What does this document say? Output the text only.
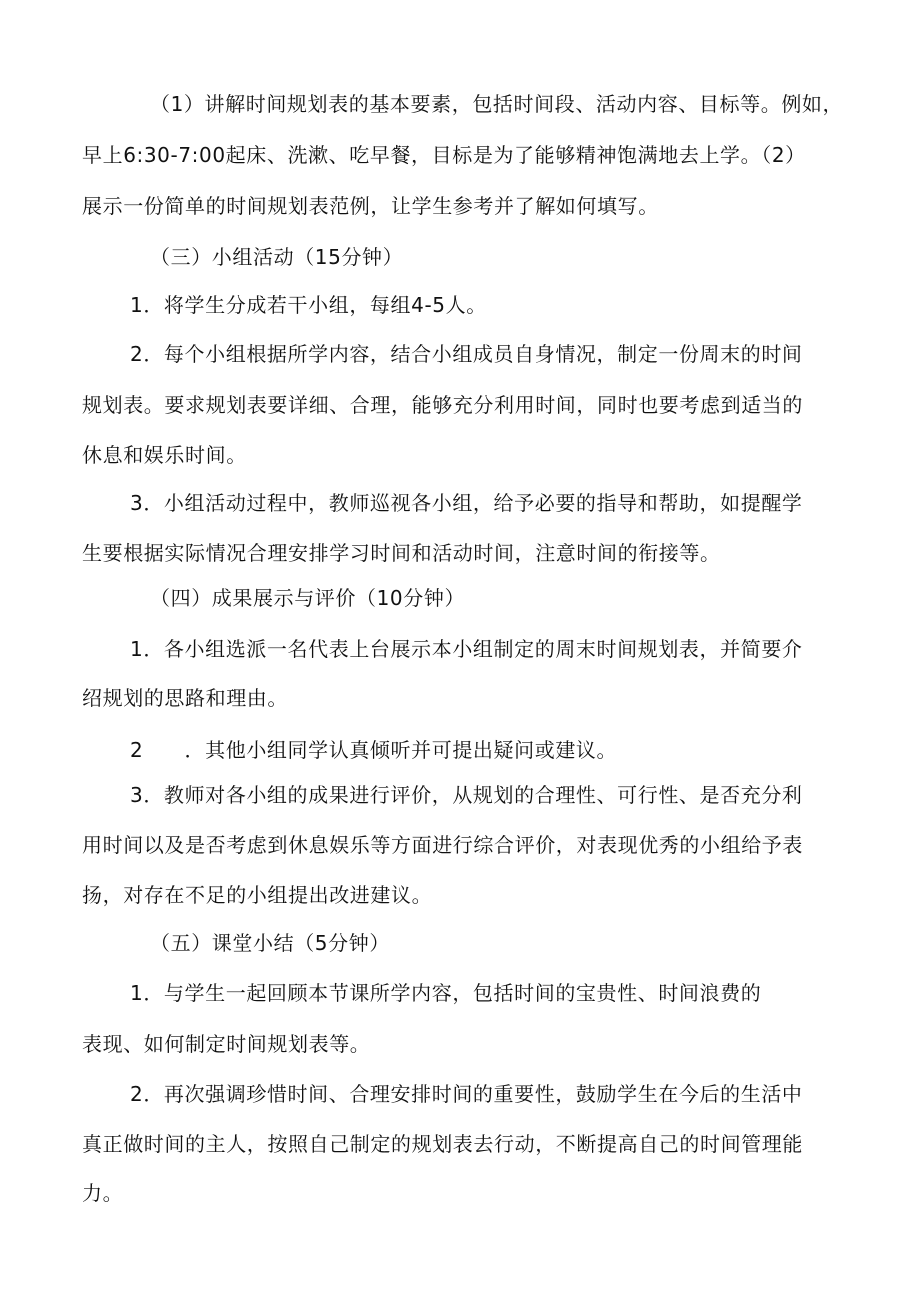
（1）讲解时间规划表的基本要素，包括时间段、活动内容、目标等。例如，
早上6:30-7:00起床、洗漱、吃早餐，目标是为了能够精神饱满地去上学。（2）
展示一份简单的时间规划表范例，让学生参考并了解如何填写。
（三）小组活动（15分钟）
1．将学生分成若干小组，每组4-5人。
2．每个小组根据所学内容，结合小组成员自身情况，制定一份周末的时间
规划表。要求规划表要详细、合理，能够充分利用时间，同时也要考虑到适当的
休息和娱乐时间。
3．小组活动过程中，教师巡视各小组，给予必要的指导和帮助，如提醒学
生要根据实际情况合理安排学习时间和活动时间，注意时间的衔接等。
（四）成果展示与评价（10分钟）
1．各小组选派一名代表上台展示本小组制定的周末时间规划表，并简要介
绍规划的思路和理由。
2　　．其他小组同学认真倾听并可提出疑问或建议。
3．教师对各小组的成果进行评价，从规划的合理性、可行性、是否充分利
用时间以及是否考虑到休息娱乐等方面进行综合评价，对表现优秀的小组给予表
扬，对存在不足的小组提出改进建议。
（五）课堂小结（5分钟）
1．与学生一起回顾本节课所学内容，包括时间的宝贵性、时间浪费的
表现、如何制定时间规划表等。
2．再次强调珍惜时间、合理安排时间的重要性，鼓励学生在今后的生活中
真正做时间的主人，按照自己制定的规划表去行动，不断提高自己的时间管理能
力。
